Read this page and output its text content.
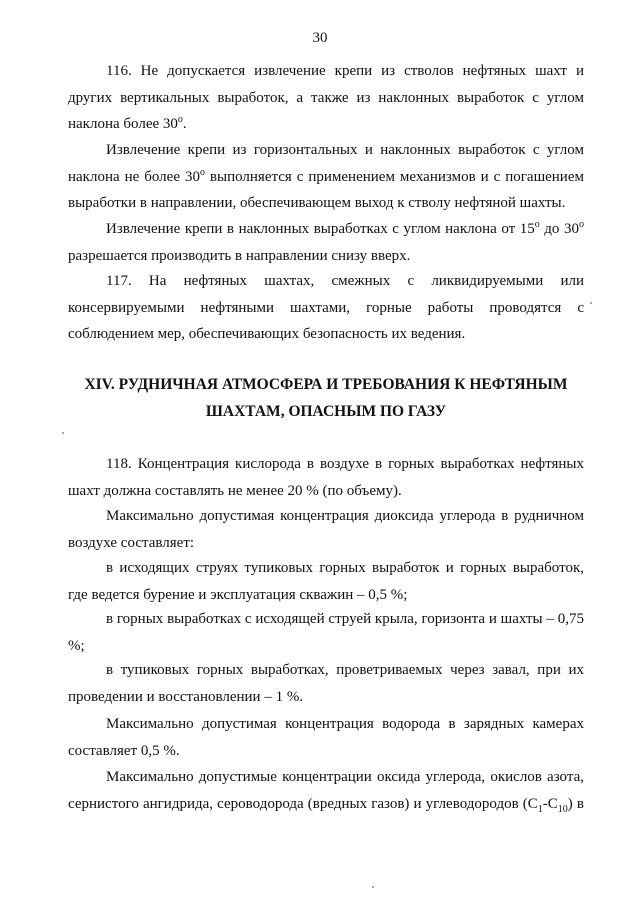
30
116. Не допускается извлечение крепи из стволов нефтяных шахт и других вертикальных выработок, а также из наклонных выработок с углом наклона более 30$^o$.
Извлечение крепи из горизонтальных и наклонных выработок с углом наклона не более 30$^o$ выполняется с применением механизмов и с погашением выработки в направлении, обеспечивающем выход к стволу нефтяной шахты.
Извлечение крепи в наклонных выработках с углом наклона от 15$^o$ до 30$^o$ разрешается производить в направлении снизу вверх.
117. На нефтяных шахтах, смежных с ликвидируемыми или консервируемыми нефтяными шахтами, горные работы проводятся с соблюдением мер, обеспечивающих безопасность их ведения.
XIV. РУДНИЧНАЯ АТМОСФЕРА И ТРЕБОВАНИЯ К НЕФТЯНЫМ
ШАХТАМ, ОПАСНЫМ ПО ГАЗУ
118. Концентрация кислорода в воздухе в горных выработках нефтяных шахт должна составлять не менее 20 % (по объему).
Максимально допустимая концентрация диоксида углерода в рудничном воздухе составляет:
в исходящих струях тупиковых горных выработок и горных выработок, где ведется бурение и эксплуатация скважин – 0,5 %;
в горных выработках с исходящей струей крыла, горизонта и шахты – 0,75 %;
в тупиковых горных выработках, проветриваемых через завал, при их проведении и восстановлении – 1 %.
Максимально допустимая концентрация водорода в зарядных камерах составляет 0,5 %.
Максимально допустимые концентрации оксида углерода, окислов азота, сернистого ангидрида, сероводорода (вредных газов) и углеводородов $(С_1-С_{10})$ в
